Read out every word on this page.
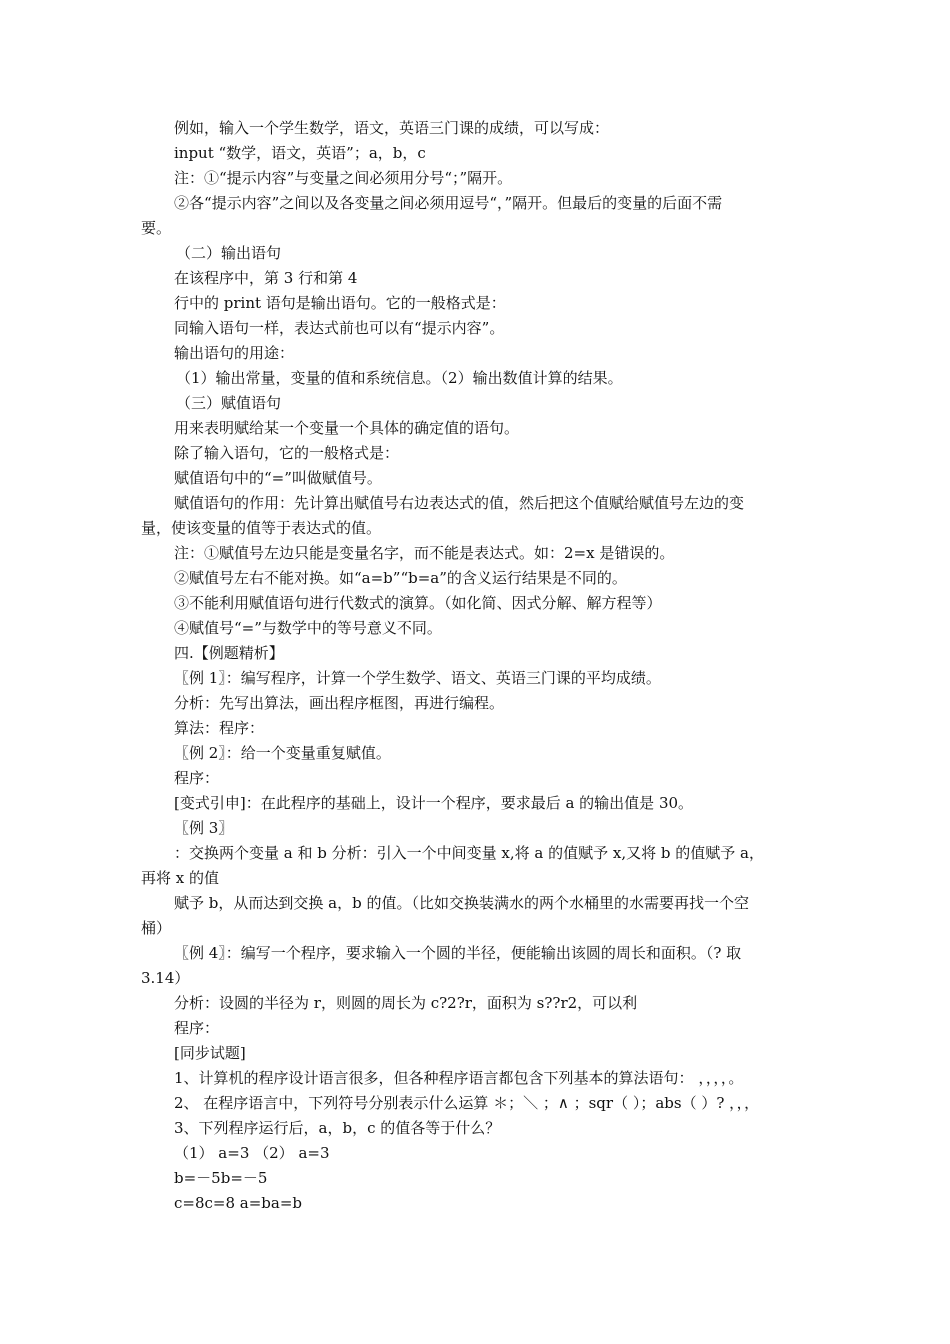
例如，输入一个学生数学，语文，英语三门课的成绩，可以写成：
input “数学，语文，英语”；a，b，c
注：①“提示内容”与变量之间必须用分号“；”隔开。
②各“提示内容”之间以及各变量之间必须用逗号“，”隔开。但最后的变量的后面不需
要。
（二）输出语句
在该程序中，第 3 行和第 4
行中的 print 语句是输出语句。它的一般格式是：
同输入语句一样，表达式前也可以有“提示内容”。
输出语句的用途：
（1）输出常量，变量的值和系统信息。（2）输出数值计算的结果。
（三）赋值语句
用来表明赋给某一个变量一个具体的确定值的语句。
除了输入语句，它的一般格式是：
赋值语句中的“=”叫做赋值号。
赋值语句的作用：先计算出赋值号右边表达式的值，然后把这个值赋给赋值号左边的变
量，使该变量的值等于表达式的值。
注：①赋值号左边只能是变量名字，而不能是表达式。如：2=x 是错误的。
②赋值号左右不能对换。如“a=b”“b=a”的含义运行结果是不同的。
③不能利用赋值语句进行代数式的演算。（如化简、因式分解、解方程等）
④赋值号“=”与数学中的等号意义不同。
四.【例题精析】
〖例 1〗：编写程序，计算一个学生数学、语文、英语三门课的平均成绩。
分析：先写出算法，画出程序框图，再进行编程。
算法：程序：
〖例 2〗：给一个变量重复赋值。
程序：
[变式引申]：在此程序的基础上，设计一个程序，要求最后 a 的输出值是 30。
〖例 3〗
：交换两个变量 a 和 b 分析：引入一个中间变量 x,将 a 的值赋予 x,又将 b 的值赋予 a，
再将 x 的值
赋予 b，从而达到交换 a，b 的值。（比如交换装满水的两个水桶里的水需要再找一个空
桶）
〖例 4〗：编写一个程序，要求输入一个圆的半径，便能输出该圆的周长和面积。（? 取
3.14）
分析：设圆的半径为 r，则圆的周长为 c?2?r，面积为 s??r2，可以利
程序：
[同步试题]
1、计算机的程序设计语言很多，但各种程序语言都包含下列基本的算法语句： ，，，，。
2、 在程序语言中，下列符号分别表示什么运算 ＊；＼ ；∧ ；sqr（ ）；abs（ ）? ，，，
3、下列程序运行后，a，b，c 的值各等于什么？
（1） a=3 （2） a=3
b=－5b=－5
c=8c=8 a=ba=b
